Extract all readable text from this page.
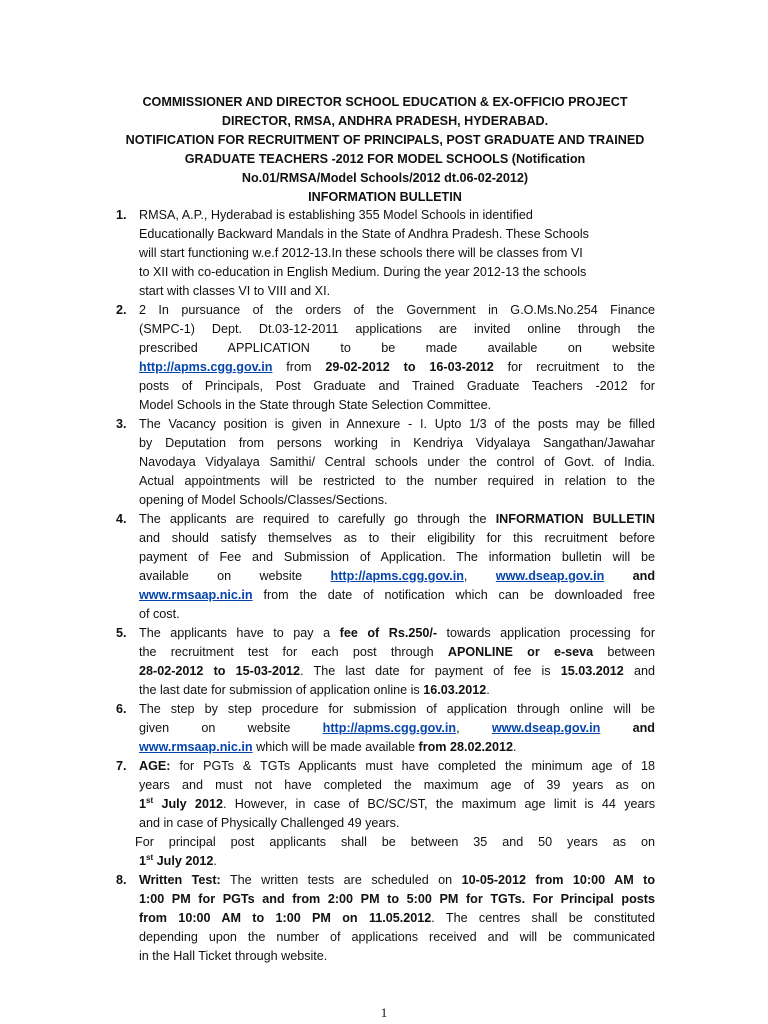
COMMISSIONER AND DIRECTOR SCHOOL EDUCATION & EX-OFFICIO PROJECT
DIRECTOR, RMSA, ANDHRA PRADESH, HYDERABAD.
NOTIFICATION FOR RECRUITMENT OF PRINCIPALS, POST GRADUATE AND TRAINED
GRADUATE TEACHERS -2012 FOR MODEL SCHOOLS (Notification
No.01/RMSA/Model Schools/2012 dt.06-02-2012)
INFORMATION BULLETIN
1. RMSA, A.P., Hyderabad is establishing 355 Model Schools in identified
Educationally Backward Mandals in the State of Andhra Pradesh. These Schools
will start functioning w.e.f 2012-13.In these schools there will be classes from VI
to XII with co-education in English Medium. During the year 2012-13 the schools
start with classes VI to VIII and XI.
2. 2 In pursuance of the orders of the Government in G.O.Ms.No.254 Finance
(SMPC-1) Dept. Dt.03-12-2011 applications are invited online through the
prescribed APPLICATION to be made available on website
http://apms.cgg.gov.in from 29-02-2012 to 16-03-2012 for recruitment to the
posts of Principals, Post Graduate and Trained Graduate Teachers -2012 for
Model Schools in the State through State Selection Committee.
3. The Vacancy position is given in Annexure - I. Upto 1/3 of the posts may be filled
by Deputation from persons working in Kendriya Vidyalaya Sangathan/Jawahar
Navodaya Vidyalaya Samithi/ Central schools under the control of Govt. of India.
Actual appointments will be restricted to the number required in relation to the
opening of Model Schools/Classes/Sections.
4. The applicants are required to carefully go through the INFORMATION BULLETIN
and should satisfy themselves as to their eligibility for this recruitment before
payment of Fee and Submission of Application. The information bulletin will be
available on website http://apms.cgg.gov.in, www.dseap.gov.in and
www.rmsaap.nic.in from the date of notification which can be downloaded free
of cost.
5. The applicants have to pay a fee of Rs.250/- towards application processing for
the recruitment test for each post through APONLINE or e-seva between
28-02-2012 to 15-03-2012. The last date for payment of fee is 15.03.2012 and
the last date for submission of application online is 16.03.2012.
6. The step by step procedure for submission of application through online will be
given on website http://apms.cgg.gov.in, www.dseap.gov.in and
www.rmsaap.nic.in which will be made available from 28.02.2012.
7. AGE: for PGTs & TGTs Applicants must have completed the minimum age of 18
years and must not have completed the maximum age of 39 years as on
1st July 2012. However, in case of BC/SC/ST, the maximum age limit is 44 years
and in case of Physically Challenged 49 years.
For principal post applicants shall be between 35 and 50 years as on
1st July 2012.
8. Written Test: The written tests are scheduled on 10-05-2012 from 10:00 AM to
1:00 PM for PGTs and from 2:00 PM to 5:00 PM for TGTs. For Principal posts
from 10:00 AM to 1:00 PM on 11.05.2012. The centres shall be constituted
depending upon the number of applications received and will be communicated
in the Hall Ticket through website.
1
